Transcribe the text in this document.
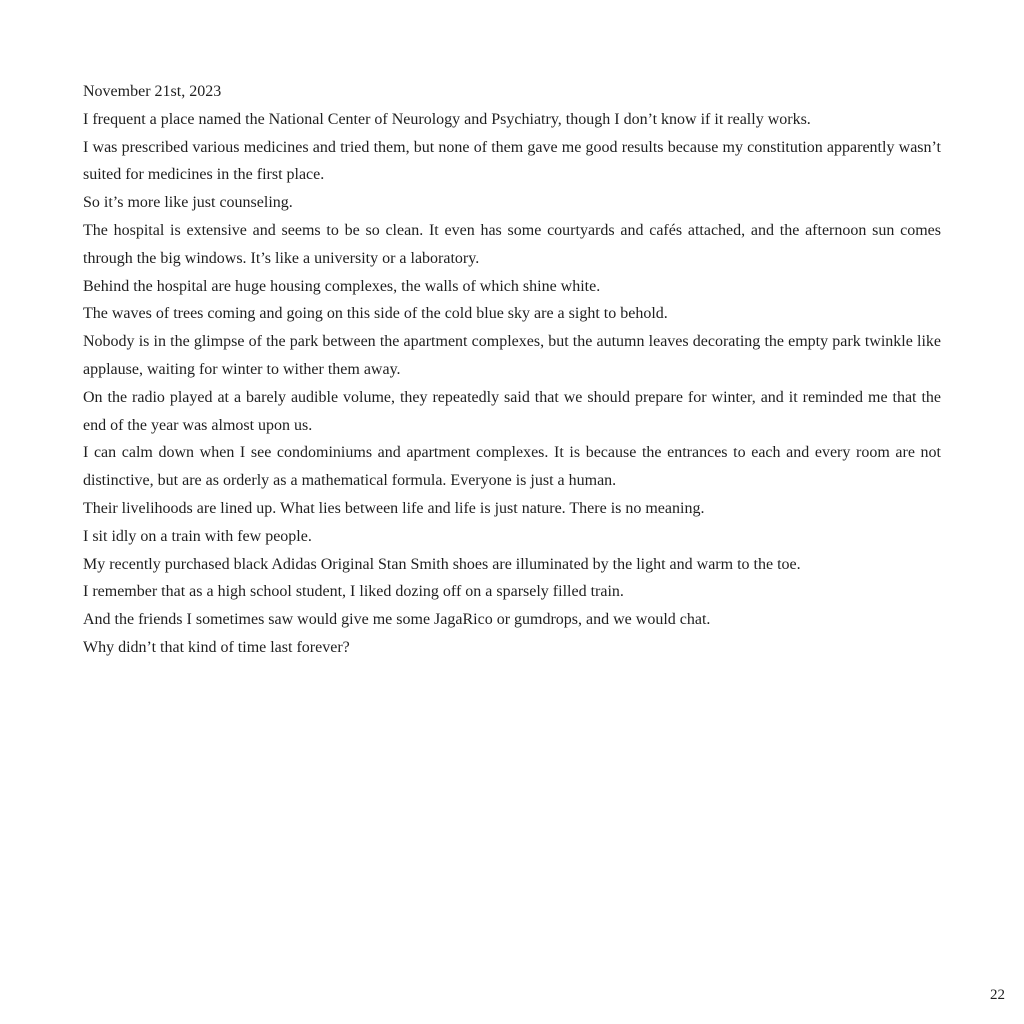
November 21st, 2023

I frequent a place named the National Center of Neurology and Psychiatry, though I don’t know if it really works.

I was prescribed various medicines and tried them, but none of them gave me good results because my constitution apparently wasn’t suited for medicines in the first place.

So it’s more like just counseling.

The hospital is extensive and seems to be so clean. It even has some courtyards and cafés attached, and the afternoon sun comes through the big windows. It’s like a university or a laboratory.

Behind the hospital are huge housing complexes, the walls of which shine white.

The waves of trees coming and going on this side of the cold blue sky are a sight to behold.

Nobody is in the glimpse of the park between the apartment complexes, but the autumn leaves decorating the empty park twinkle like applause, waiting for winter to wither them away.

On the radio played at a barely audible volume, they repeatedly said that we should prepare for winter, and it reminded me that the end of the year was almost upon us.

I can calm down when I see condominiums and apartment complexes. It is because the entrances to each and every room are not distinctive, but are as orderly as a mathematical formula. Everyone is just a human.

Their livelihoods are lined up. What lies between life and life is just nature. There is no meaning.

I sit idly on a train with few people.

My recently purchased black Adidas Original Stan Smith shoes are illuminated by the light and warm to the toe.

I remember that as a high school student, I liked dozing off on a sparsely filled train.

And the friends I sometimes saw would give me some JagaRico or gumdrops, and we would chat.

Why didn’t that kind of time last forever?

22
